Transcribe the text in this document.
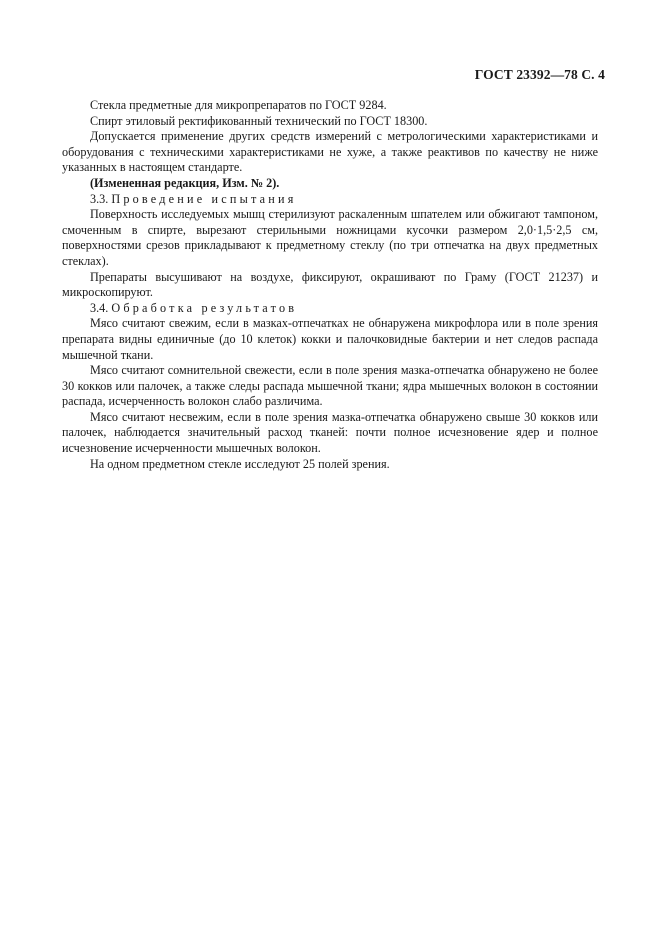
ГОСТ 23392—78 С. 4

Стекла предметные для микропрепаратов по ГОСТ 9284.

Спирт этиловый ректификованный технический по ГОСТ 18300.

Допускается применение других средств измерений с метрологическими характеристиками и оборудования с техническими характеристиками не хуже, а также реактивов по качеству не ниже указанных в настоящем стандарте.

(Измененная редакция, Изм. № 2).

3.3. Проведение испытания

Поверхность исследуемых мышц стерилизуют раскаленным шпателем или обжигают тампоном, смоченным в спирте, вырезают стерильными ножницами кусочки размером 2,0·1,5·2,5 см, поверхностями срезов прикладывают к предметному стеклу (по три отпечатка на двух предметных стеклах).

Препараты высушивают на воздухе, фиксируют, окрашивают по Граму (ГОСТ 21237) и микроскопируют.

3.4. Обработка результатов

Мясо считают свежим, если в мазках-отпечатках не обнаружена микрофлора или в поле зрения препарата видны единичные (до 10 клеток) кокки и палочковидные бактерии и нет следов распада мышечной ткани.

Мясо считают сомнительной свежести, если в поле зрения мазка-отпечатка обнаружено не более 30 кокков или палочек, а также следы распада мышечной ткани; ядра мышечных волокон в состоянии распада, исчерченность волокон слабо различима.

Мясо считают несвежим, если в поле зрения мазка-отпечатка обнаружено свыше 30 кокков или палочек, наблюдается значительный расход тканей: почти полное исчезновение ядер и полное исчезновение исчерченности мышечных волокон.

На одном предметном стекле исследуют 25 полей зрения.
